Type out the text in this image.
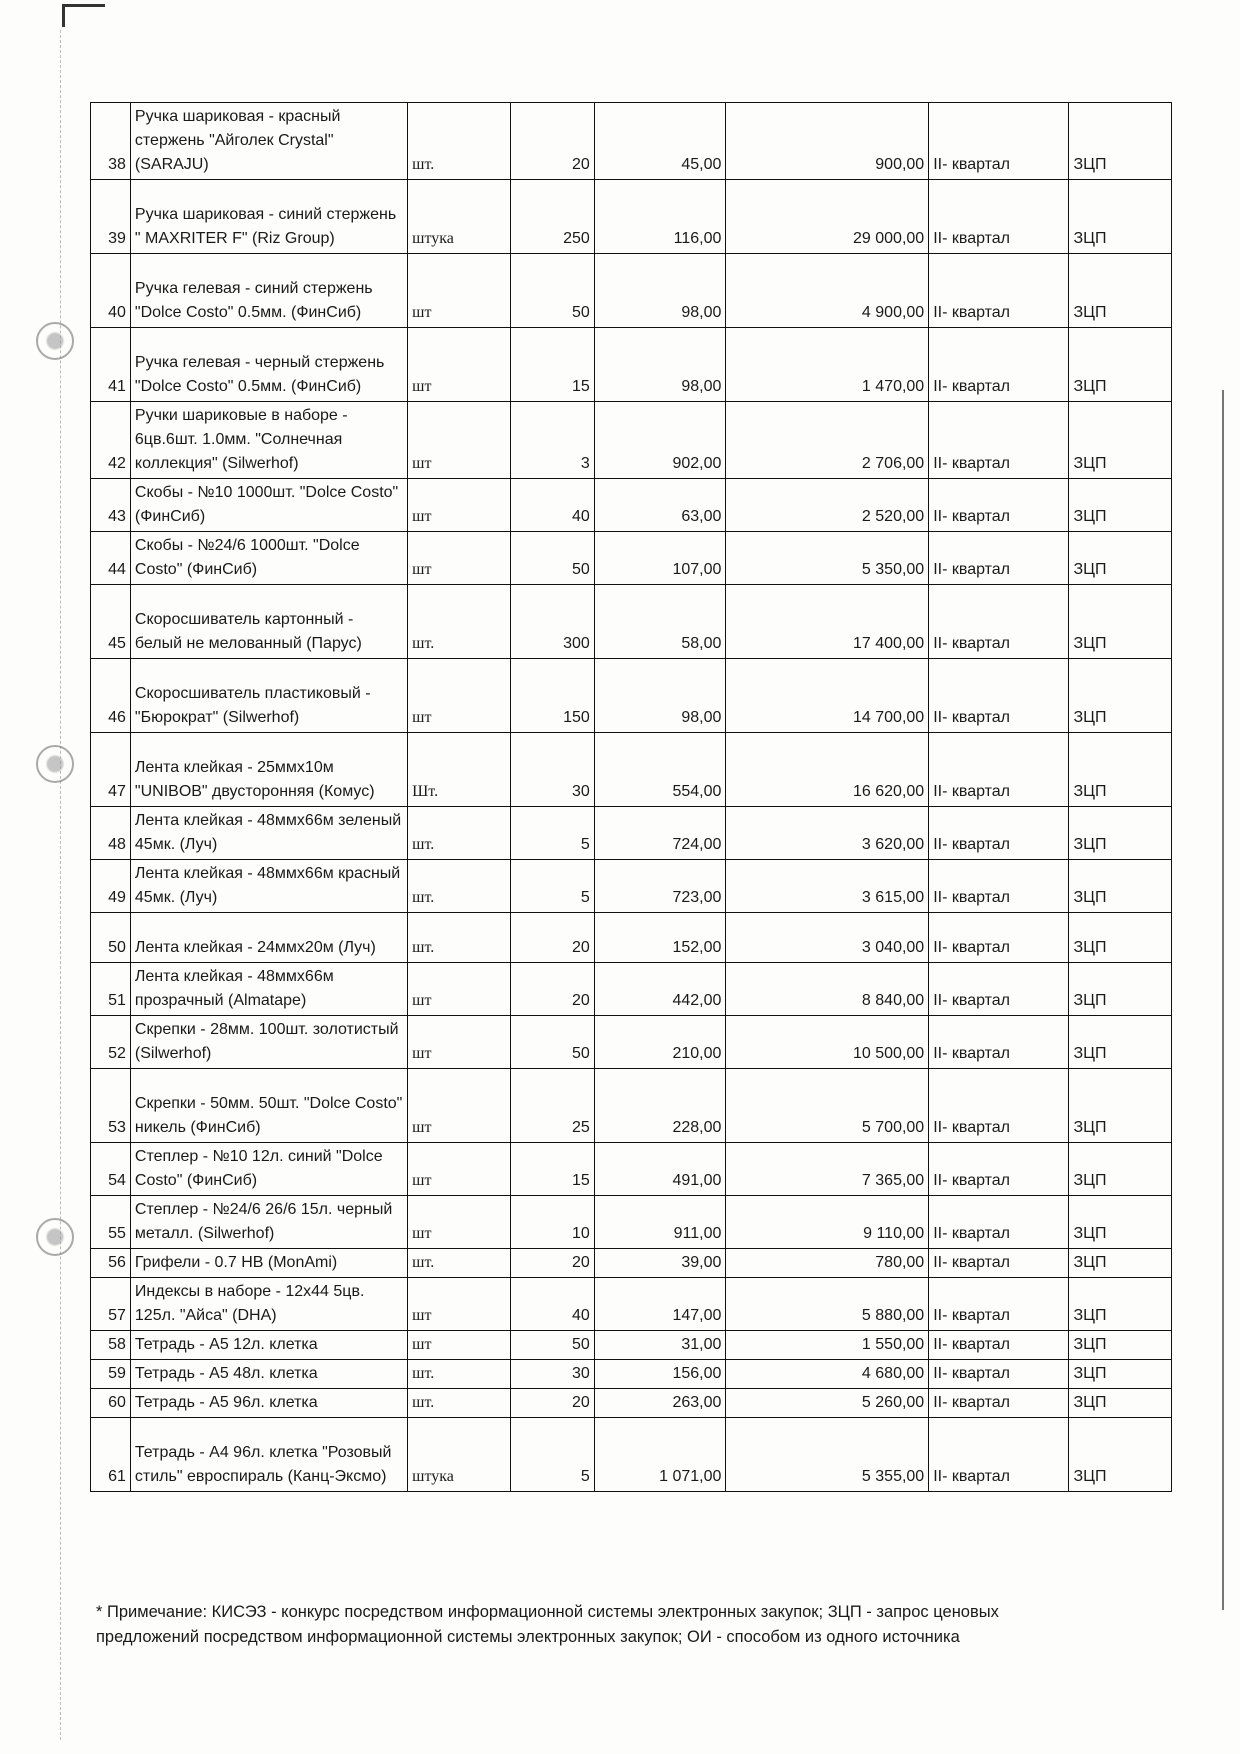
38	Ручка шариковая - красный стержень "Айголек Crystal" (SARAJU)	шт.	20	45,00	900,00	II- квартал	ЗЦП
39	Ручка шариковая - синий стержень " MAXRITER F" (Riz Group)	штука	250	116,00	29 000,00	II- квартал	ЗЦП
40	Ручка гелевая - синий стержень "Dolce Costo" 0.5мм. (ФинСиб)	шт	50	98,00	4 900,00	II- квартал	ЗЦП
41	Ручка гелевая - черный стержень "Dolce Costo" 0.5мм. (ФинСиб)	шт	15	98,00	1 470,00	II- квартал	ЗЦП
42	Ручки шариковые в наборе - 6цв.6шт. 1.0мм. "Солнечная коллекция" (Silwerhof)	шт	3	902,00	2 706,00	II- квартал	ЗЦП
43	Скобы - №10 1000шт. "Dolce Costo" (ФинСиб)	шт	40	63,00	2 520,00	II- квартал	ЗЦП
44	Скобы - №24/6 1000шт. "Dolce Costo" (ФинСиб)	шт	50	107,00	5 350,00	II- квартал	ЗЦП
45	Скоросшиватель картонный - белый не мелованный (Парус)	шт.	300	58,00	17 400,00	II- квартал	ЗЦП
46	Скоросшиватель пластиковый - "Бюрократ" (Silwerhof)	шт	150	98,00	14 700,00	II- квартал	ЗЦП
47	Лента клейкая - 25ммх10м "UNIBOB" двусторонняя (Комус)	Шт.	30	554,00	16 620,00	II- квартал	ЗЦП
48	Лента клейкая - 48ммх66м зеленый 45мк. (Луч)	шт.	5	724,00	3 620,00	II- квартал	ЗЦП
49	Лента клейкая - 48ммх66м красный 45мк. (Луч)	шт.	5	723,00	3 615,00	II- квартал	ЗЦП
50	Лента клейкая - 24ммх20м (Луч)	шт.	20	152,00	3 040,00	II- квартал	ЗЦП
51	Лента клейкая - 48ммх66м прозрачный (Almatape)	шт	20	442,00	8 840,00	II- квартал	ЗЦП
52	Скрепки - 28мм. 100шт. золотистый (Silwerhof)	шт	50	210,00	10 500,00	II- квартал	ЗЦП
53	Скрепки - 50мм. 50шт. "Dolce Costo" никель (ФинСиб)	шт	25	228,00	5 700,00	II- квартал	ЗЦП
54	Степлер - №10 12л. синий "Dolce Costo" (ФинСиб)	шт	15	491,00	7 365,00	II- квартал	ЗЦП
55	Степлер - №24/6 26/6 15л. черный металл. (Silwerhof)	шт	10	911,00	9 110,00	II- квартал	ЗЦП
56	Грифели - 0.7 HB (MonAmi)	шт.	20	39,00	780,00	II- квартал	ЗЦП
57	Индексы в наборе - 12х44 5цв. 125л. "Айса" (DHA)	шт	40	147,00	5 880,00	II- квартал	ЗЦП
58	Тетрадь - А5 12л. клетка	шт	50	31,00	1 550,00	II- квартал	ЗЦП
59	Тетрадь - А5 48л. клетка	шт.	30	156,00	4 680,00	II- квартал	ЗЦП
60	Тетрадь - А5 96л. клетка	шт.	20	263,00	5 260,00	II- квартал	ЗЦП
61	Тетрадь - А4 96л. клетка "Розовый стиль" евроспираль (Канц-Эксмо)	штука	5	1 071,00	5 355,00	II- квартал	ЗЦП
* Примечание: КИСЭЗ - конкурс посредством информационной системы электронных закупок; ЗЦП - запрос ценовых предложений посредством информационной системы электронных закупок; ОИ - способом из одного источника
